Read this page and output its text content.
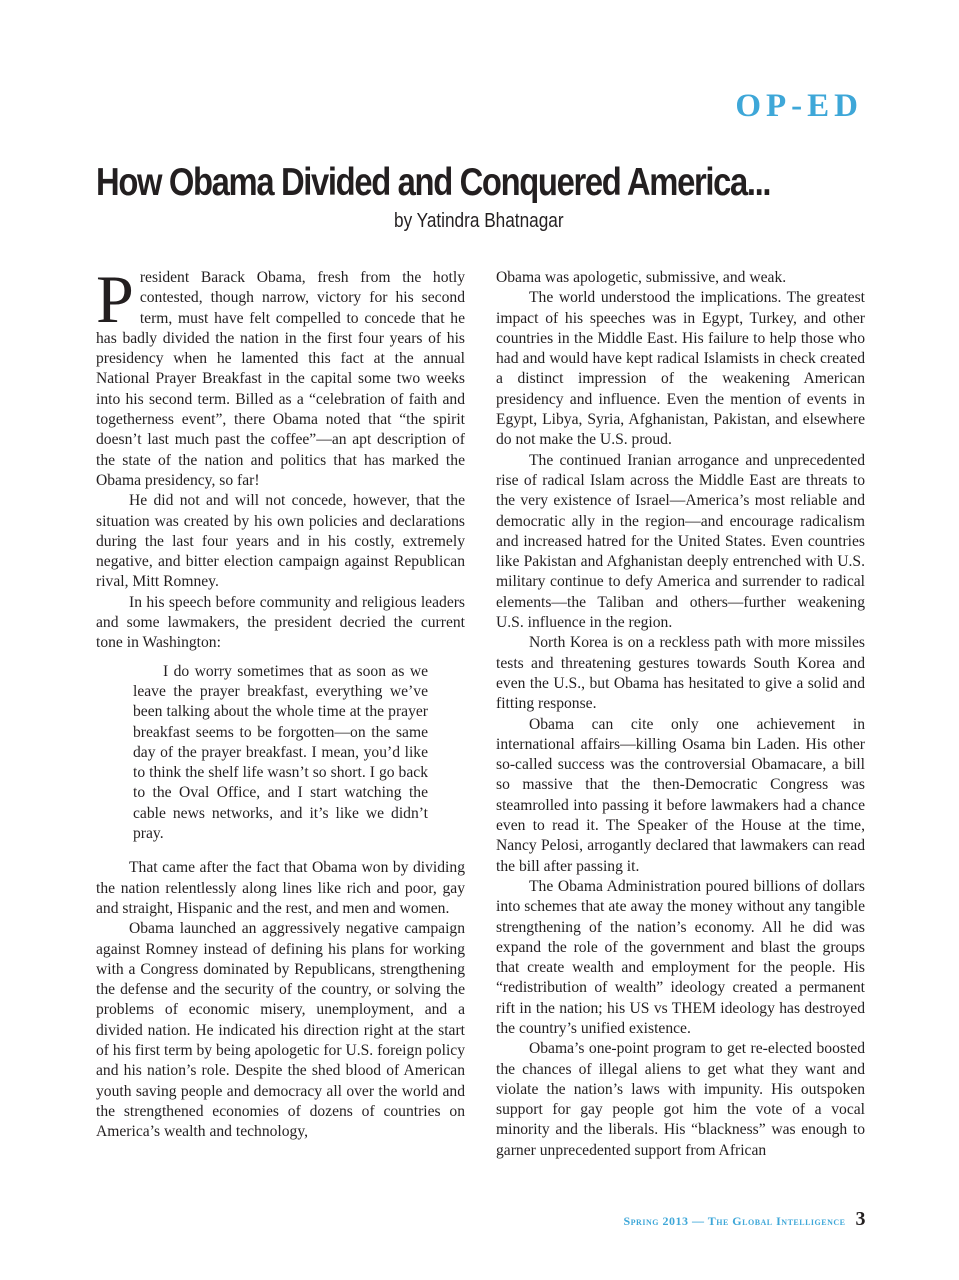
OP-ED
How Obama Divided and Conquered America...
by Yatindra Bhatnagar

President Barack Obama, fresh from the hotly contested, though narrow, victory for his second term, must have felt compelled to concede that he has badly divided the nation in the first four years of his presidency when he lamented this fact at the annual National Prayer Breakfast in the capital some two weeks into his second term. Billed as a “celebration of faith and togetherness event”, there Obama noted that “the spirit doesn’t last much past the coffee”—an apt description of the state of the nation and politics that has marked the Obama presidency, so far!

He did not and will not concede, however, that the situation was created by his own policies and declarations during the last four years and in his costly, extremely negative, and bitter election campaign against Republican rival, Mitt Romney.

In his speech before community and religious leaders and some lawmakers, the president decried the current tone in Washington:

I do worry sometimes that as soon as we leave the prayer breakfast, everything we’ve been talking about the whole time at the prayer breakfast seems to be forgotten—on the same day of the prayer breakfast. I mean, you’d like to think the shelf life wasn’t so short. I go back to the Oval Office, and I start watching the cable news networks, and it’s like we didn’t pray.

That came after the fact that Obama won by dividing the nation relentlessly along lines like rich and poor, gay and straight, Hispanic and the rest, and men and women.

Obama launched an aggressively negative campaign against Romney instead of defining his plans for working with a Congress dominated by Republicans, strengthening the defense and the security of the country, or solving the problems of economic misery, unemployment, and a divided nation. He indicated his direction right at the start of his first term by being apologetic for U.S. foreign policy and his nation’s role. Despite the shed blood of American youth saving people and democracy all over the world and the strengthened economies of dozens of countries on America’s wealth and technology,

Obama was apologetic, submissive, and weak.

The world understood the implications. The greatest impact of his speeches was in Egypt, Turkey, and other countries in the Middle East. His failure to help those who had and would have kept radical Islamists in check created a distinct impression of the weakening American presidency and influence. Even the mention of events in Egypt, Libya, Syria, Afghanistan, Pakistan, and elsewhere do not make the U.S. proud.

The continued Iranian arrogance and unprecedented rise of radical Islam across the Middle East are threats to the very existence of Israel—America’s most reliable and democratic ally in the region—and encourage radicalism and increased hatred for the United States. Even countries like Pakistan and Afghanistan deeply entrenched with U.S. military continue to defy America and surrender to radical elements—the Taliban and others—further weakening U.S. influence in the region.

North Korea is on a reckless path with more missiles tests and threatening gestures towards South Korea and even the U.S., but Obama has hesitated to give a solid and fitting response.

Obama can cite only one achievement in international affairs—killing Osama bin Laden. His other so-called success was the controversial Obamacare, a bill so massive that the then-Democratic Congress was steamrolled into passing it before lawmakers had a chance even to read it. The Speaker of the House at the time, Nancy Pelosi, arrogantly declared that lawmakers can read the bill after passing it.

The Obama Administration poured billions of dollars into schemes that ate away the money without any tangible strengthening of the nation’s economy. All he did was expand the role of the government and blast the groups that create wealth and employment for the people. His “redistribution of wealth” ideology created a permanent rift in the nation; his US vs THEM ideology has destroyed the country’s unified existence.

Obama’s one-point program to get re-elected boosted the chances of illegal aliens to get what they want and violate the nation’s laws with impunity. His outspoken support for gay people got him the vote of a vocal minority and the liberals. His “blackness” was enough to garner unprecedented support from African

Spring 2013 — The Global Intelligence 3
